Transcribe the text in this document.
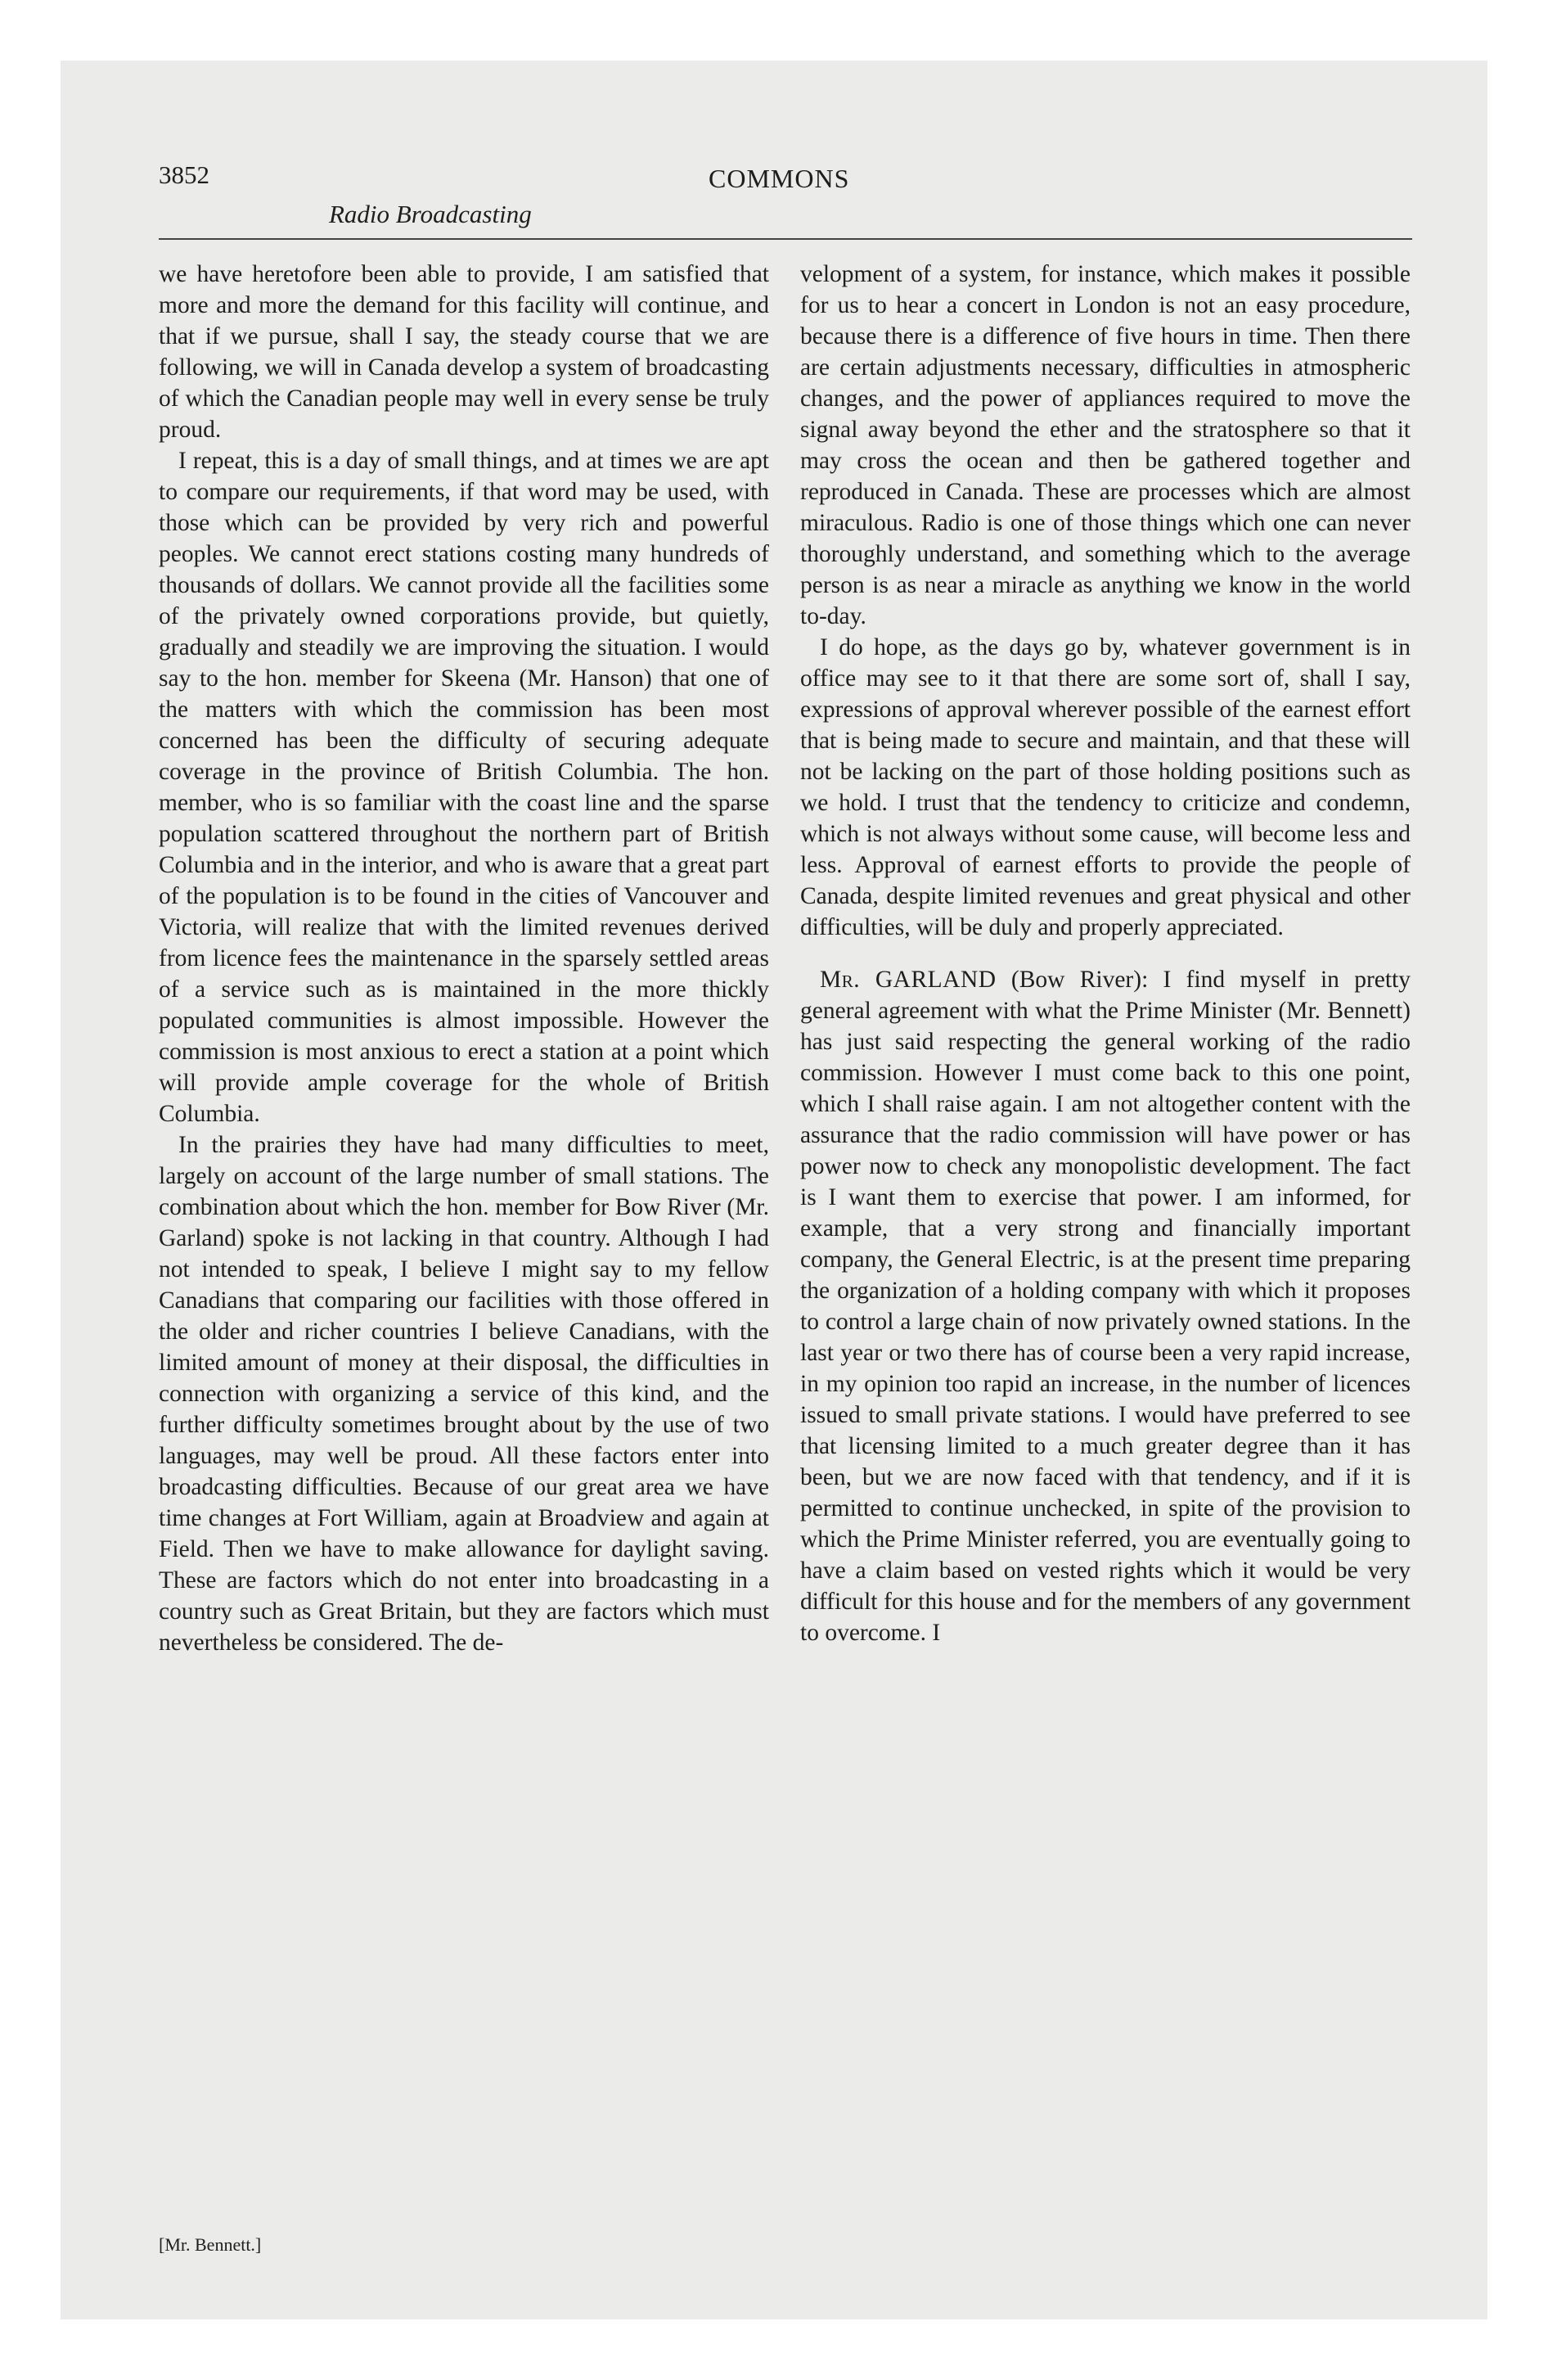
3852
Radio Broadcasting
COMMONS

we have heretofore been able to provide, I am satisfied that more and more the demand for this facility will continue, and that if we pursue, shall I say, the steady course that we are following, we will in Canada develop a system of broadcasting of which the Canadian people may well in every sense be truly proud.

I repeat, this is a day of small things, and at times we are apt to compare our requirements, if that word may be used, with those which can be provided by very rich and powerful peoples. We cannot erect stations costing many hundreds of thousands of dollars. We cannot provide all the facilities some of the privately owned corporations provide, but quietly, gradually and steadily we are improving the situation. I would say to the hon. member for Skeena (Mr. Hanson) that one of the matters with which the commission has been most concerned has been the difficulty of securing adequate coverage in the province of British Columbia. The hon. member, who is so familiar with the coast line and the sparse population scattered throughout the northern part of British Columbia and in the interior, and who is aware that a great part of the population is to be found in the cities of Vancouver and Victoria, will realize that with the limited revenues derived from licence fees the maintenance in the sparsely settled areas of a service such as is maintained in the more thickly populated communities is almost impossible. However the commission is most anxious to erect a station at a point which will provide ample coverage for the whole of British Columbia.

In the prairies they have had many difficulties to meet, largely on account of the large number of small stations. The combination about which the hon. member for Bow River (Mr. Garland) spoke is not lacking in that country. Although I had not intended to speak, I believe I might say to my fellow Canadians that comparing our facilities with those offered in the older and richer countries I believe Canadians, with the limited amount of money at their disposal, the difficulties in connection with organizing a service of this kind, and the further difficulty sometimes brought about by the use of two languages, may well be proud. All these factors enter into broadcasting difficulties. Because of our great area we have time changes at Fort William, again at Broadview and again at Field. Then we have to make allowance for daylight saving. These are factors which do not enter into broadcasting in a country such as Great Britain, but they are factors which must nevertheless be considered. The de-

velopment of a system, for instance, which makes it possible for us to hear a concert in London is not an easy procedure, because there is a difference of five hours in time. Then there are certain adjustments necessary, difficulties in atmospheric changes, and the power of appliances required to move the signal away beyond the ether and the stratosphere so that it may cross the ocean and then be gathered together and reproduced in Canada. These are processes which are almost miraculous. Radio is one of those things which one can never thoroughly understand, and something which to the average person is as near a miracle as anything we know in the world to-day.

I do hope, as the days go by, whatever government is in office may see to it that there are some sort of, shall I say, expressions of approval wherever possible of the earnest effort that is being made to secure and maintain, and that these will not be lacking on the part of those holding positions such as we hold. I trust that the tendency to criticize and condemn, which is not always without some cause, will become less and less. Approval of earnest efforts to provide the people of Canada, despite limited revenues and great physical and other difficulties, will be duly and properly appreciated.

Mr. GARLAND (Bow River): I find myself in pretty general agreement with what the Prime Minister (Mr. Bennett) has just said respecting the general working of the radio commission. However I must come back to this one point, which I shall raise again. I am not altogether content with the assurance that the radio commission will have power or has power now to check any monopolistic development. The fact is I want them to exercise that power. I am informed, for example, that a very strong and financially important company, the General Electric, is at the present time preparing the organization of a holding company with which it proposes to control a large chain of now privately owned stations. In the last year or two there has of course been a very rapid increase, in my opinion too rapid an increase, in the number of licences issued to small private stations. I would have preferred to see that licensing limited to a much greater degree than it has been, but we are now faced with that tendency, and if it is permitted to continue unchecked, in spite of the provision to which the Prime Minister referred, you are eventually going to have a claim based on vested rights which it would be very difficult for this house and for the members of any government to overcome. I

[Mr. Bennett.]
